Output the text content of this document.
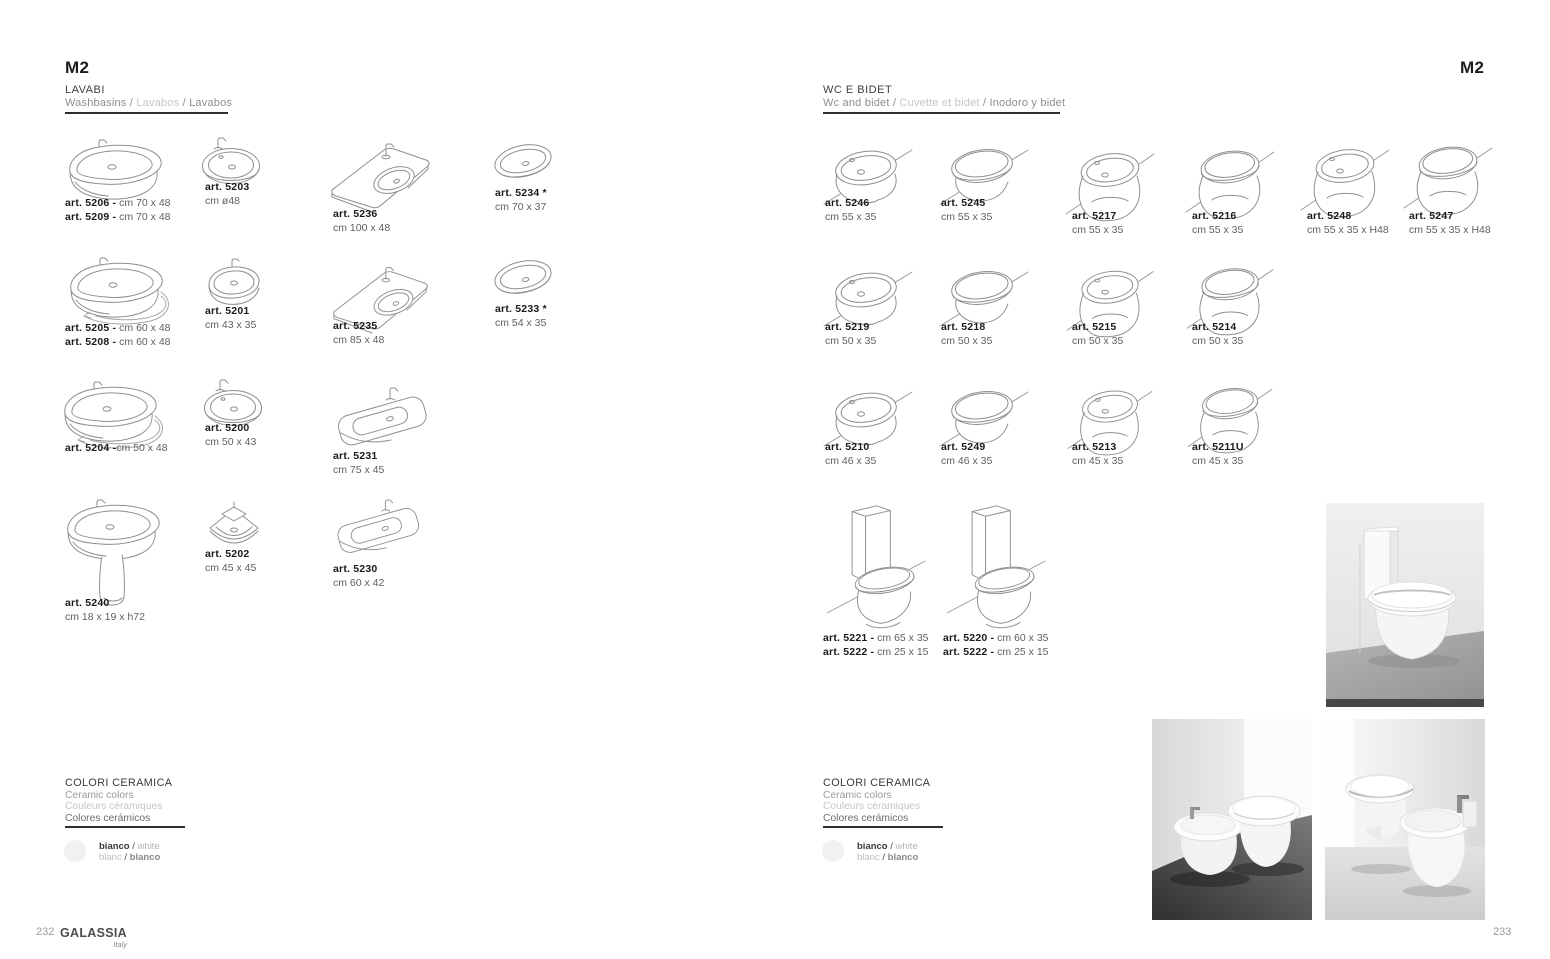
M2
LAVABI
Washbasins / Lavabos / Lavabos
WC E BIDET
Wc and bidet / Cuvette et bidet / Inodoro y bidet
M2
art. 5206 - cm 70 x 48
art. 5209 - cm 70 x 48
art. 5203
cm ø48
art. 5236
cm 100 x 48
art. 5234 *
cm 70 x 37
art. 5205 - cm 60 x 48
art. 5208 - cm 60 x 48
art. 5201
cm 43 x 35	art. 5235
cm 85 x 48
art. 5233 *
cm 54 x 35
art. 5204 -cm 50 x 48
art. 5200
cm 50 x 43
art. 5231
cm 75 x 45
art. 5240
cm 18 x 19 x h72
art. 5202
cm 45 x 45	art. 5230
cm 60 x 42
art. 5246
cm 55 x 35
art. 5245
cm 55 x 35	art. 5217
cm 55 x 35
art. 5216
cm 55 x 35
art. 5248
cm 55 x 35 x H48
art. 5247
cm 55 x 35 x H48
art. 5219
cm 50 x 35
art. 5218
cm 50 x 35
art. 5215
cm 50 x 35
art. 5214
cm 50 x 35
art. 5210
cm 46 x 35
art. 5249
cm 46 x 35
art. 5213
cm 45 x 35
art. 5211U
cm 45 x 35
art. 5221 - cm 65 x 35
art. 5222 - cm 25 x 15
art. 5220 - cm 60 x 35
art. 5222 - cm 25 x 15
COLORI CERAMICA
Ceramic colors
Couleurs céramiques
Colores cerámicos
bianco / white
blanc / blanco
COLORI CERAMICA
Ceramic colors
Couleurs céramiques
Colores cerámicos
bianco / white
blanc / blanco
232 GALASSIA
Italy
233
